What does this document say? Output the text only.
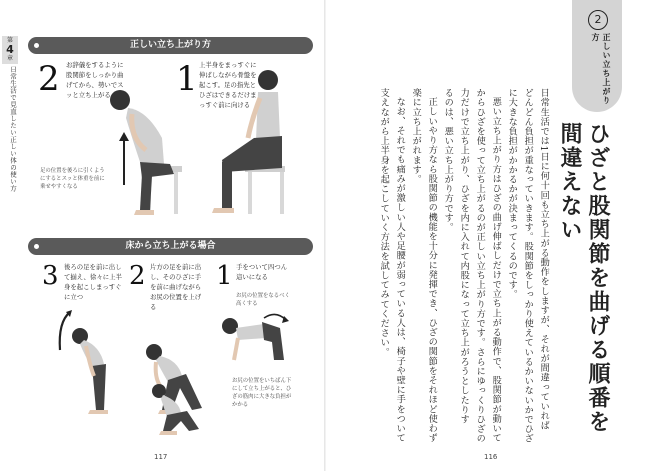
第
4
章
日常生活で見直したい正しい体の使い方
正しい立ち上がり方
2 お辞儀をするように股関節をしっかり曲げてから、勢いでスッと立ち上がる	1 上半身をまっすぐに伸ばしながら骨盤を起こす。足の指先とひざはできるだけまっすぐ前に向ける
足の位置を後ろに引くようにするとスッと体重を前に乗せやすくなる
床から立ち上がる場合
3 後ろの足を前に出して揃え、徐々に上半身を起こしまっすぐに立つ
2 片方の足を前に出し、そのひざに手を前に曲げながらお尻の位置を上げる
1 手をついて四つん這いになる
お尻の位置をなるべく高くする
お尻の位置をいちばん下にして立ち上がると、ひざの筋肉に大きな負担がかかる
117
2
正しい立ち上がり方
ひざと股関節を曲げる順番を
間違えない
日常生活では1日に何十回も立ち上がる動作をしますが、それが間違っていれば
どんどん負担が重なっていきます。股関節をしっかり使えているかいないかでひざ
に大きな負担がかかるかが決まってくるのです。
悪い立ち上がり方はひざの曲げ伸ばしだけで立ち上がる動作で、股関節が動いて
からひざを使って立ち上がるのが正しい立ち上がり方です。さらにゆっくりひざの
力だけで立ち上がり、ひざを内に入れて内股になって立ち上がろうとしたりす
るのは、悪い立ち上がり方です。
正しいやり方なら股関節の機能を十分に発揮でき、ひざの関節をそれほど使わず
楽に立ち上がれます。
なお、それでも痛みが激しい人や足腰が弱っている人は、椅子や壁に手をついて
支えながら上半身を起こしていく方法を試してみてください。
116
